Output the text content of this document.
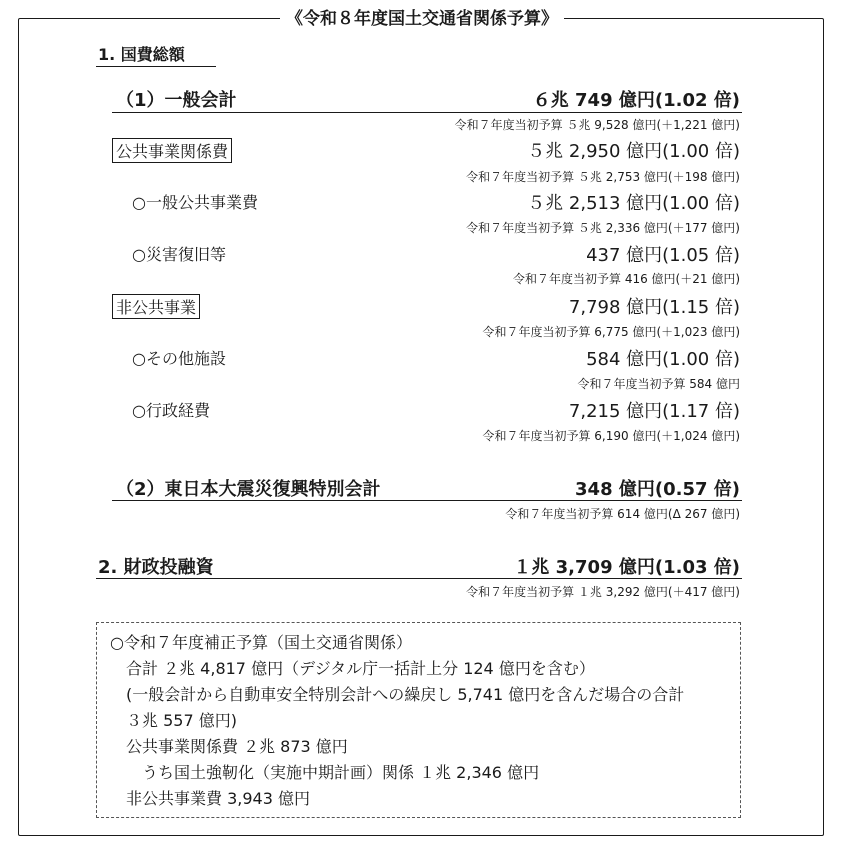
《令和８年度国土交通省関係予算》
1. 国費総額
（1）一般会計	６兆 749 億円(1.02 倍)
令和７年度当初予算 ５兆 9,528 億円(＋1,221 億円)
公共事業関係費	５兆 2,950 億円(1.00 倍)
令和７年度当初予算 ５兆 2,753 億円(＋198 億円)
○一般公共事業費	５兆 2,513 億円(1.00 倍)
令和７年度当初予算 ５兆 2,336 億円(＋177 億円)
○災害復旧等	437 億円(1.05 倍)
令和７年度当初予算 416 億円(＋21 億円)
非公共事業	7,798 億円(1.15 倍)
令和７年度当初予算 6,775 億円(＋1,023 億円)
○その他施設	584 億円(1.00 倍)
令和７年度当初予算 584 億円
○行政経費	7,215 億円(1.17 倍)
令和７年度当初予算 6,190 億円(＋1,024 億円)
（2）東日本大震災復興特別会計	348 億円(0.57 倍)
令和７年度当初予算 614 億円(Δ 267 億円)
2. 財政投融資	１兆 3,709 億円(1.03 倍)
令和７年度当初予算 １兆 3,292 億円(＋417 億円)
○令和７年度補正予算（国土交通省関係）
　合計 ２兆 4,817 億円（デジタル庁一括計上分 124 億円を含む）
　(一般会計から自動車安全特別会計への繰戻し 5,741 億円を含んだ場合の合計
　３兆 557 億円)
　公共事業関係費 ２兆 873 億円
　　うち国土強靭化（実施中期計画）関係 １兆 2,346 億円
　非公共事業費 3,943 億円
